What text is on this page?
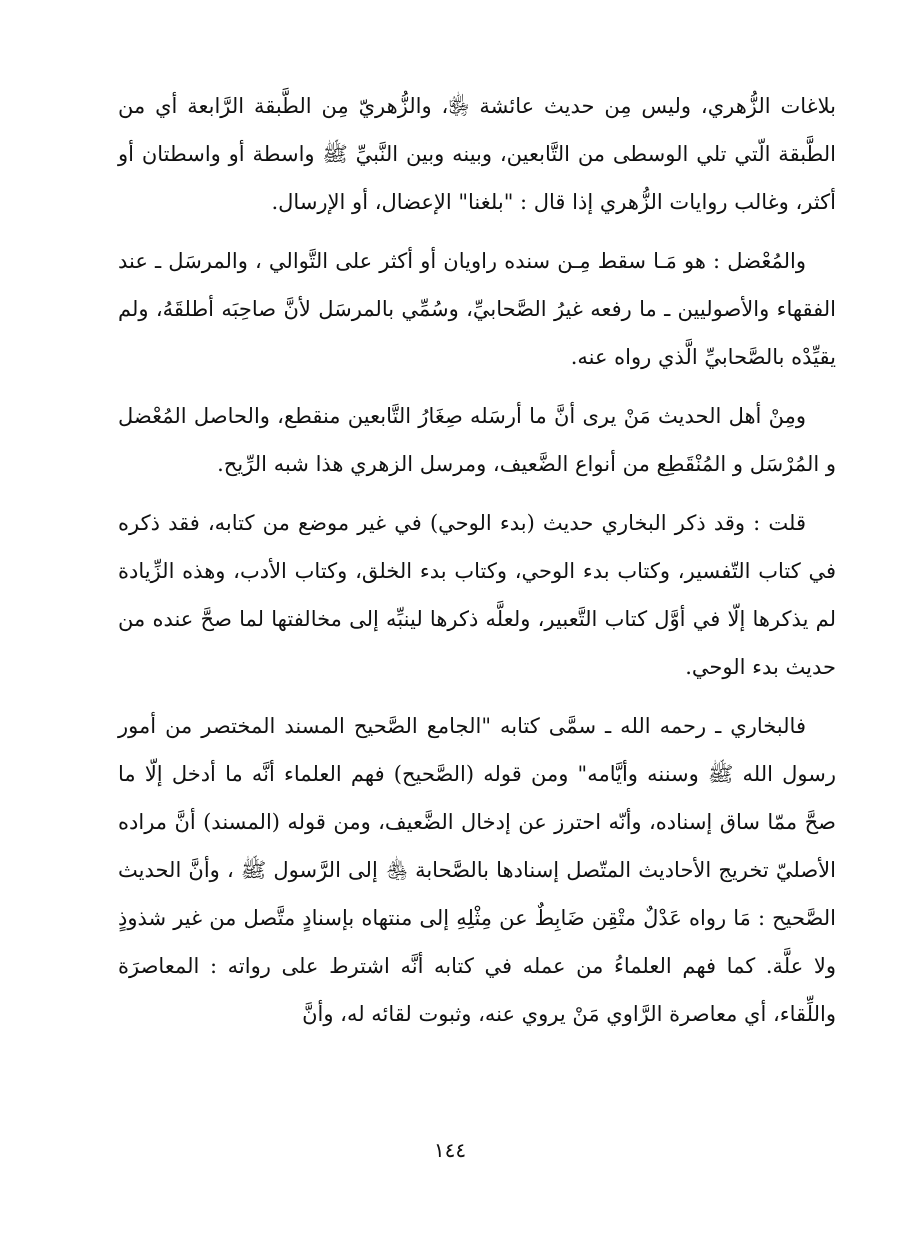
بلاغات الزُّهري، وليس مِن حديث عائشة ﵂، والزُّهريّ مِن الطَّبقة الرَّابعة أي من الطَّبقة الّتي تلي الوسطى من التَّابعين، وبينه وبين النَّبيِّ ﷺ واسطة أو واسطتان أو أكثر، وغالب روايات الزُّهري إذا قال : "بلغنا" الإعضال، أو الإرسال.

والمُعْضل : هو مَـا سقط مِـن سنده راويان أو أكثر على التَّوالي ، والمرسَل ـ عند الفقهاء والأصوليين ـ ما رفعه غيرُ الصَّحابيِّ، وسُمِّي بالمرسَل لأنَّ صاحِبَه أطلقَهُ، ولم يقيِّدْه بالصَّحابيِّ الَّذي رواه عنه.

ومِنْ أهل الحديث مَنْ يرى أنَّ ما أرسَله صِغَارُ التَّابعين منقطع، والحاصل المُعْضل و المُرْسَل و المُنْقَطِع من أنواع الضَّعيف، ومرسل الزهري هذا شبه الرِّيح.

قلت : وقد ذكر البخاري حديث (بدء الوحي) في غير موضع من كتابه، فقد ذكره في كتاب التّفسير، وكتاب بدء الوحي، وكتاب بدء الخلق، وكتاب الأدب، وهذه الزِّيادة لم يذكرها إلّا في أوَّل كتاب التَّعبير، ولعلَّه ذكرها لينبِّه إلى مخالفتها لما صحَّ عنده من حديث بدء الوحي.

فالبخاري ـ رحمه الله ـ سمَّى كتابه "الجامع الصَّحيح المسند المختصر من أمور رسول الله ﷺ وسننه وأيَّامه" ومن قوله (الصَّحيح) فهم العلماء أنَّه ما أدخل إلّا ما صحَّ ممّا ساق إسناده، وأنّه احترز عن إدخال الضَّعيف، ومن قوله (المسند) أنَّ مراده الأصليّ تخريج الأحاديث المتّصل إسنادها بالصَّحابة ﵃ إلى الرَّسول ﷺ ، وأنَّ الحديث الصَّحيح : مَا رواه عَدْلٌ متْقِن ضَابِطٌ عن مِثْلِهِ إلى منتهاه بإسنادٍ متَّصل من غير شذوذٍ ولا علَّة. كما فهم العلماءُ من عمله في كتابه أنَّه اشترط على رواته : المعاصرَة واللِّقاء، أي معاصرة الرَّاوي مَنْ يروي عنه، وثبوت لقائه له، وأنَّ

١٤٤
